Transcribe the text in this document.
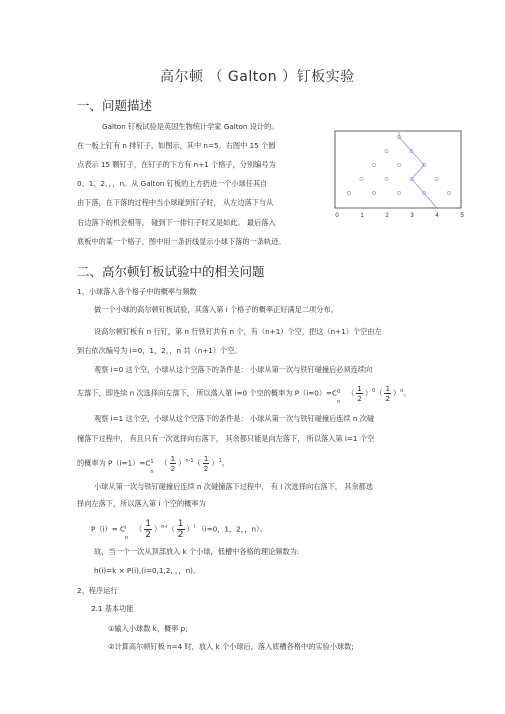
高尔顿 （ Galton ）钉板实验
一、问题描述
Galton 钉板试验是英国生物统计学家 Galton 设计的。
在一板上钉有 n 排钉子，如图示，其中 n=5。右图中 15 个圆
点表示 15 颗钉子，在钉子的下方有 n+1 个格子，分别编号为
0、1、2、，，n。从 Galton 钉板的上方扔进一个小球任其自
由下落，在下落的过程中当小球碰到钉子时， 从左边落下与从
右边落下的机会相等。 碰到下一排钉子时又是如此。 最后落入
底板中的某一个格子，图中用一条折线显示小球下落的一条轨迹。
0	1	2	3	4	5
二、高尔顿钉板试验中的相关问题
1、小球落入各个格子中的概率与频数
做一个小球的高尔顿钉板试验，其落入第 i 个格子的概率正好满足二项分布。
设高尔顿钉板有 n 行钉，第 n 行铁钉共有 n 个，有（n+1）个空，把这（n+1）个空由左
到右依次编号为 i=0，1，2，，n 共（n+1）个空。
观察 i=0 这个空，小球从这个空落下的条件是： 小球从第一次与铁钉碰撞后必须连续向
左落下，即连续 n 次选择向左落下， 所以落入第 i=0 个空的概率为 P（i=0）=C 0
n
（ $\frac{1}{2} )^0( \frac{1}{2} )^n$。
观察 i=1 这个空，小球从这个空落下的条件是： 小球从第一次与铁钉碰撞后连续 n 次碰
撞落下过程中， 有且只有一次选择向右落下， 其余都只能是向左落下， 所以落入第 i=1 个空
的概率为 P（i=1）=C 1
n
（ $\frac{1}{2} )^{n-1}( \frac{1}{2} )^1$。
小球从第一次与铁钉碰撞后连续 n 次碰撞落下过程中， 有 i 次选择向右落下， 其余都选
择向左落下，所以落入第 i 个空的概率为
P（i）= C i
n
（ $\frac{1}{2} )^{n-i}( \frac{1}{2} )^i$ （i=0，1，2，，n）。
故，当一个一次从顶部放入 k 个小球，低槽中各格的理论频数为:
h(i)=k × P(i),(i=0,1,2, ，，n)。
2、程序运行
2.1 基本功能
①输入小球数 k，概率 p;
②计算高尔顿钉板 n=4 时，放入 k 个小球后，落入底槽各格中的实验小球数;
